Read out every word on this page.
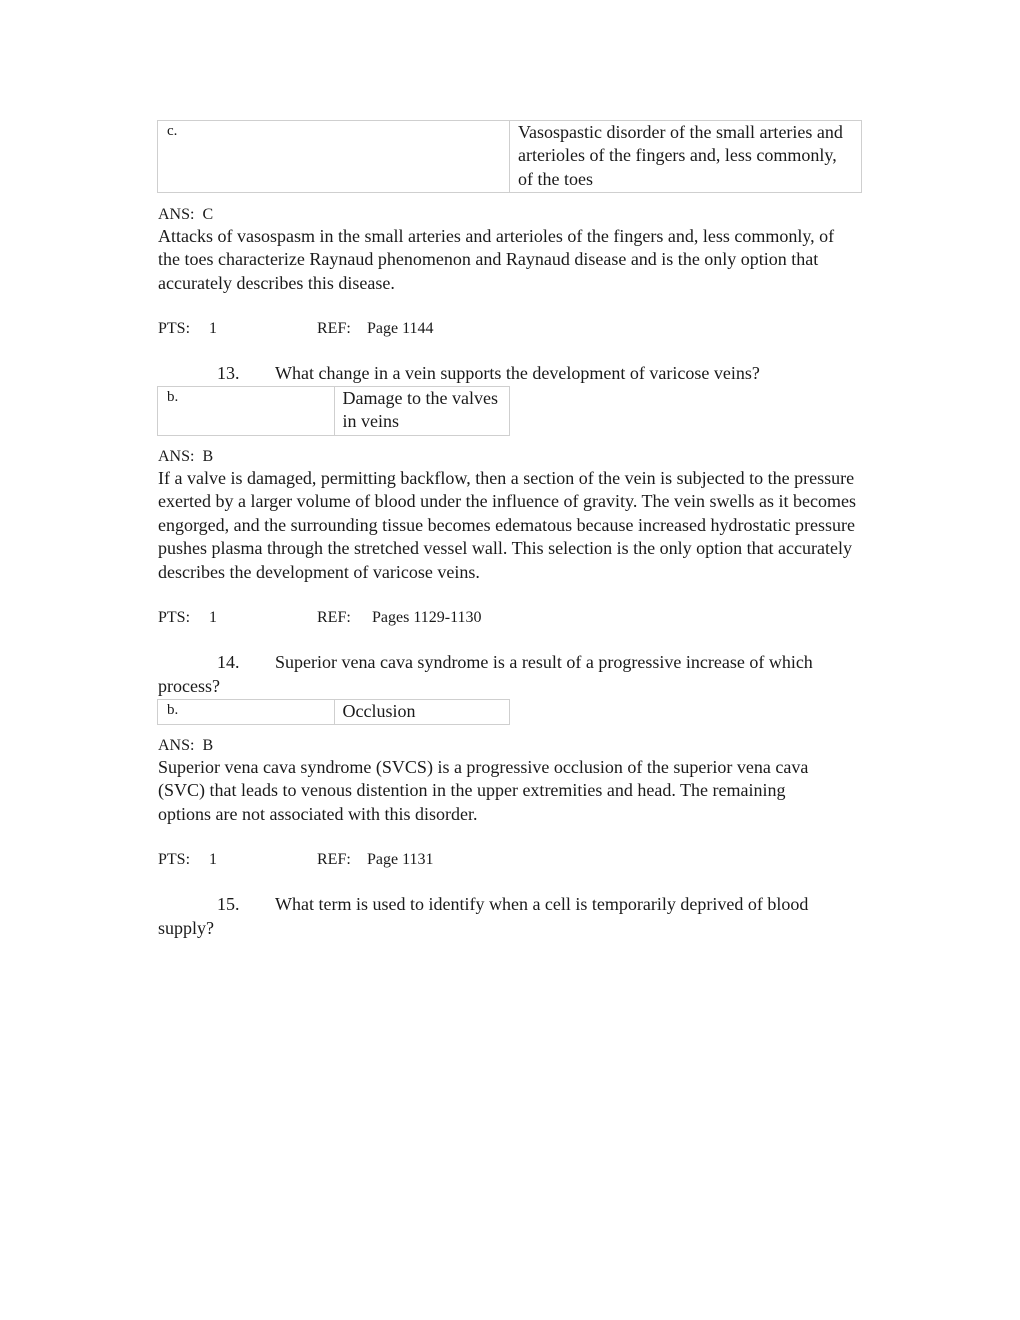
c.	Vasospastic disorder of the small arteries and arterioles of the fingers and, less commonly, of the toes
ANS: C
Attacks of vasospasm in the small arteries and arterioles of the fingers and, less commonly, of the toes characterize Raynaud phenomenon and Raynaud disease and is the only option that accurately describes this disease.
PTS: 1	REF: Page 1144
13. What change in a vein supports the development of varicose veins?
b.	Damage to the valves in veins
ANS: B
If a valve is damaged, permitting backflow, then a section of the vein is subjected to the pressure exerted by a larger volume of blood under the influence of gravity. The vein swells as it becomes engorged, and the surrounding tissue becomes edematous because increased hydrostatic pressure pushes plasma through the stretched vessel wall. This selection is the only option that accurately describes the development of varicose veins.
PTS: 1	REF: Pages 1129-1130
14. Superior vena cava syndrome is a result of a progressive increase of which
process?
b.	Occlusion
ANS: B
Superior vena cava syndrome (SVCS) is a progressive occlusion of the superior vena cava (SVC) that leads to venous distention in the upper extremities and head. The remaining options are not associated with this disorder.
PTS: 1	REF: Page 1131
15. What term is used to identify when a cell is temporarily deprived of blood
supply?
